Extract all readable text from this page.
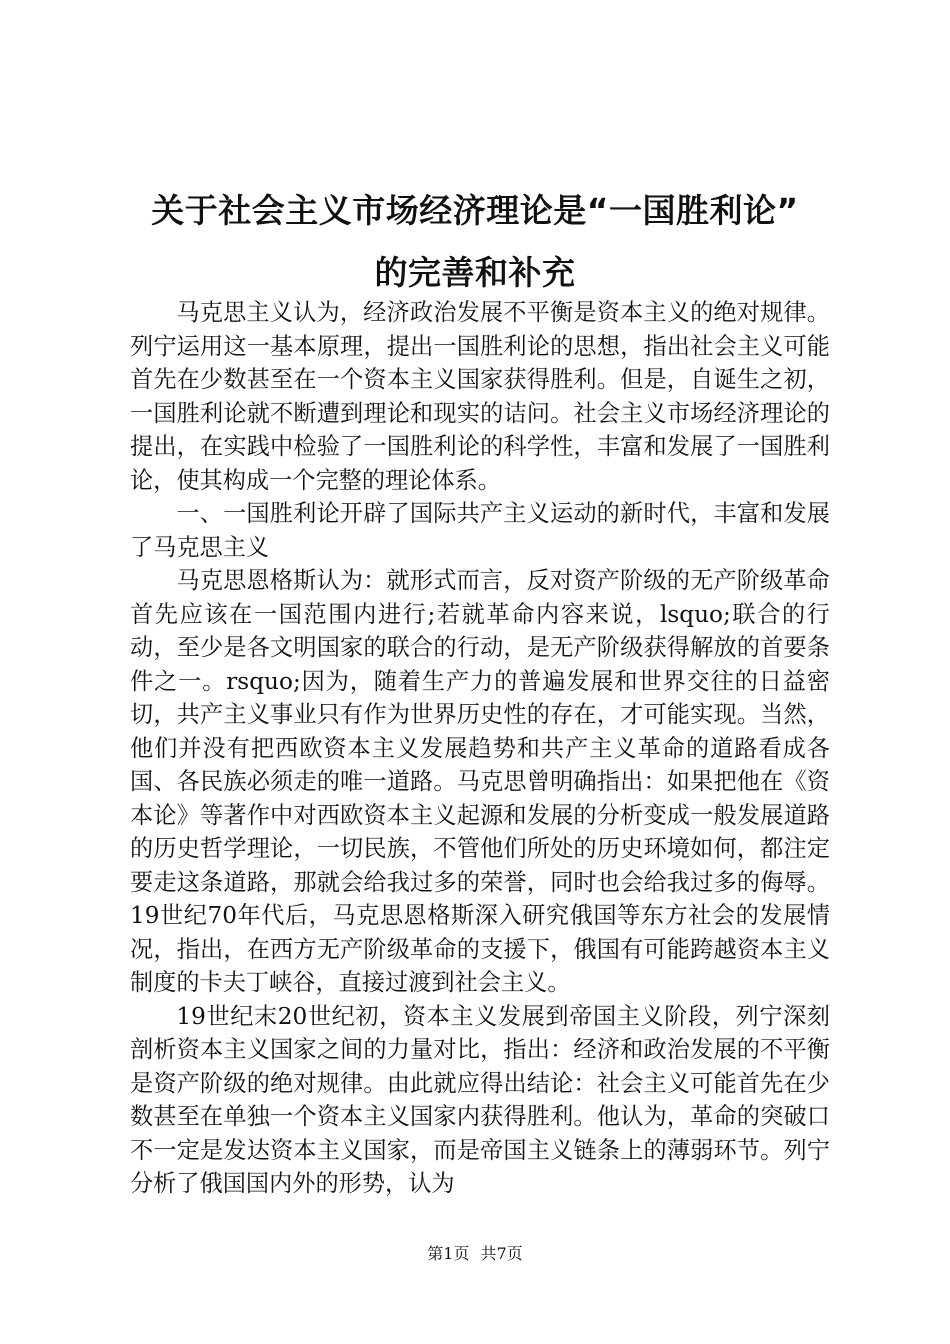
关于社会主义市场经济理论是“一国胜利论”
的完善和补充

马克思主义认为，经济政治发展不平衡是资本主义的绝对规律。列宁运用这一基本原理，提出一国胜利论的思想，指出社会主义可能首先在少数甚至在一个资本主义国家获得胜利。但是，自诞生之初，一国胜利论就不断遭到理论和现实的诘问。社会主义市场经济理论的提出，在实践中检验了一国胜利论的科学性，丰富和发展了一国胜利论，使其构成一个完整的理论体系。

一、一国胜利论开辟了国际共产主义运动的新时代，丰富和发展了马克思主义

马克思恩格斯认为：就形式而言，反对资产阶级的无产阶级革命首先应该在一国范围内进行;若就革命内容来说，lsquo;联合的行动，至少是各文明国家的联合的行动，是无产阶级获得解放的首要条件之一。rsquo;因为，随着生产力的普遍发展和世界交往的日益密切，共产主义事业只有作为世界历史性的存在，才可能实现。当然，他们并没有把西欧资本主义发展趋势和共产主义革命的道路看成各国、各民族必须走的唯一道路。马克思曾明确指出：如果把他在《资本论》等著作中对西欧资本主义起源和发展的分析变成一般发展道路的历史哲学理论，一切民族，不管他们所处的历史环境如何，都注定要走这条道路，那就会给我过多的荣誉，同时也会给我过多的侮辱。19世纪70年代后，马克思恩格斯深入研究俄国等东方社会的发展情况，指出，在西方无产阶级革命的支援下，俄国有可能跨越资本主义制度的卡夫丁峡谷，直接过渡到社会主义。

19世纪末20世纪初，资本主义发展到帝国主义阶段，列宁深刻剖析资本主义国家之间的力量对比，指出：经济和政治发展的不平衡是资产阶级的绝对规律。由此就应得出结论：社会主义可能首先在少数甚至在单独一个资本主义国家内获得胜利。他认为，革命的突破口不一定是发达资本主义国家，而是帝国主义链条上的薄弱环节。列宁分析了俄国国内外的形势，认为

第1页 共7页
